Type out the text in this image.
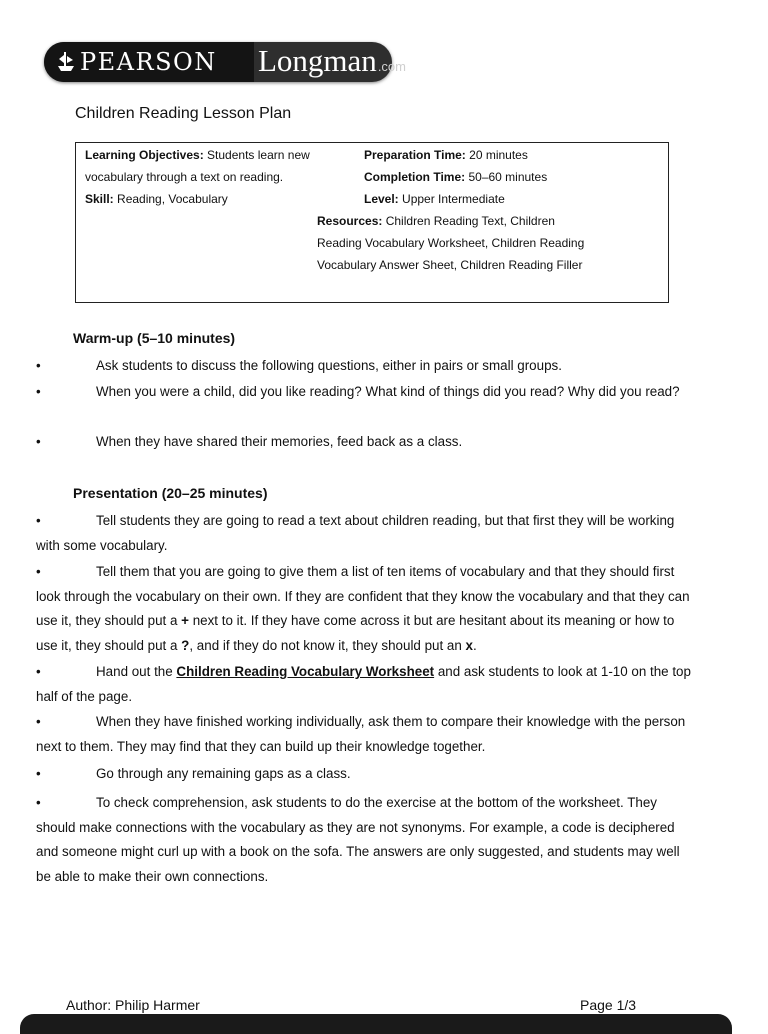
PEARSON Longman.com
Children Reading Lesson Plan
Learning Objectives: Students learn new
vocabulary through a text on reading.
Skill: Reading, Vocabulary
Preparation Time: 20 minutes
Completion Time: 50–60 minutes
Level: Upper Intermediate
Resources: Children Reading Text, Children
Reading Vocabulary Worksheet, Children Reading
Vocabulary Answer Sheet, Children Reading Filler
Warm-up (5–10 minutes)
•	Ask students to discuss the following questions, either in pairs or small groups.
•	When you were a child, did you like reading? What kind of things did you read? Why did you read?
•	When they have shared their memories, feed back as a class.
Presentation (20–25 minutes)
•	Tell students they are going to read a text about children reading, but that first they will be working with some vocabulary.
•	Tell them that you are going to give them a list of ten items of vocabulary and that they should first look through the vocabulary on their own. If they are confident that they know the vocabulary and that they can use it, they should put a + next to it. If they have come across it but are hesitant about its meaning or how to use it, they should put a ?, and if they do not know it, they should put an x.
•	Hand out the Children Reading Vocabulary Worksheet and ask students to look at 1-10 on the top half of the page.
•	When they have finished working individually, ask them to compare their knowledge with the person next to them. They may find that they can build up their knowledge together.
•	Go through any remaining gaps as a class.
•	To check comprehension, ask students to do the exercise at the bottom of the worksheet. They should make connections with the vocabulary as they are not synonyms. For example, a code is deciphered and someone might curl up with a book on the sofa. The answers are only suggested, and students may well be able to make their own connections.
Author: Philip Harmer	Page 1/3
